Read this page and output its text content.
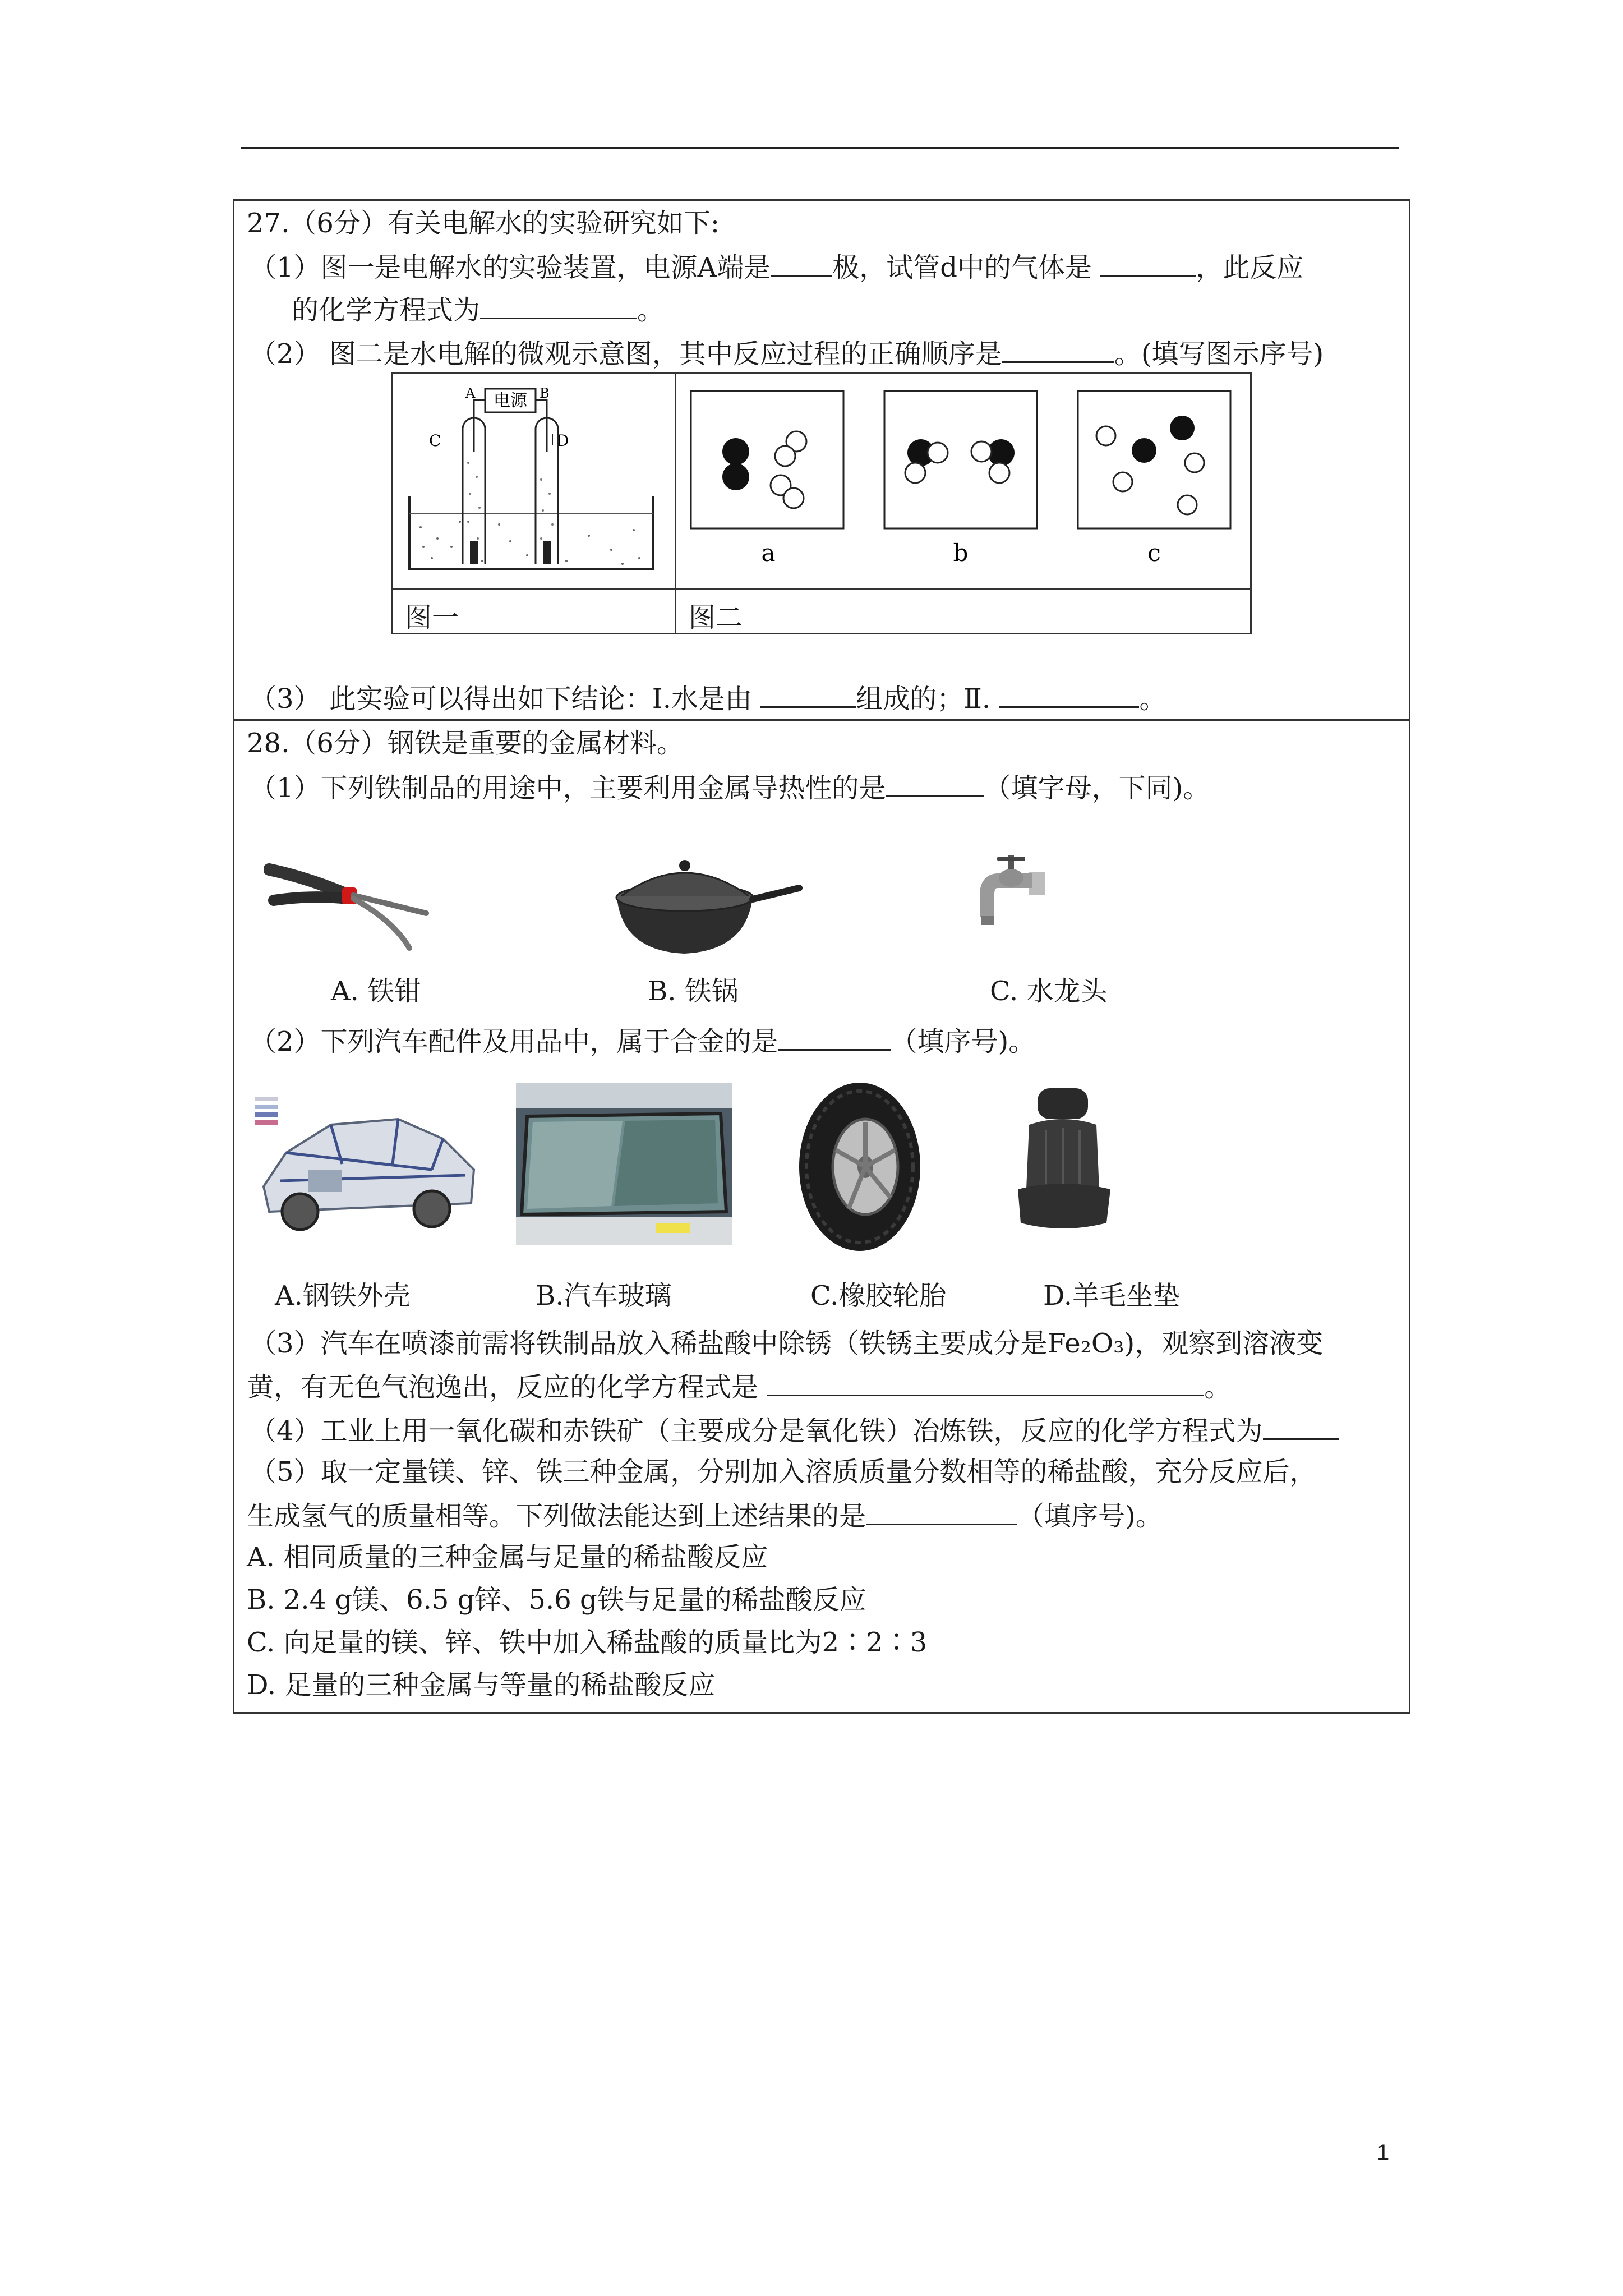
27.（6分）有关电解水的实验研究如下:
（1）图一是电解水的实验装置，电源A端是 极，试管d中的气体是	，此反应
的化学方程式为	。
（2） 图二是水电解的微观示意图，其中反应过程的正确顺序是	。(填写图示序号)
电源
A	B
C	D
a	b	c
图一	图二
（3） 此实验可以得出如下结论：Ⅰ.水是由	组成的；Ⅱ.	。
28.（6分）钢铁是重要的金属材料。
（1）下列铁制品的用途中，主要利用金属导热性的是	（填字母，下同)。
A. 铁钳	B. 铁锅	C. 水龙头
（2）下列汽车配件及用品中，属于合金的是	（填序号)。
A.钢铁外壳	B.汽车玻璃	C.橡胶轮胎	D.羊毛坐垫
（3）汽车在喷漆前需将铁制品放入稀盐酸中除锈（铁锈主要成分是Fe₂O₃)，观察到溶液变
黄，有无色气泡逸出，反应的化学方程式是	。
（4）工业上用一氧化碳和赤铁矿（主要成分是氧化铁）冶炼铁，反应的化学方程式为
（5）取一定量镁、锌、铁三种金属，分别加入溶质质量分数相等的稀盐酸，充分反应后，
生成氢气的质量相等。下列做法能达到上述结果的是	（填序号)。
A. 相同质量的三种金属与足量的稀盐酸反应
B. 2.4 g镁、6.5 g锌、5.6 g铁与足量的稀盐酸反应
C. 向足量的镁、锌、铁中加入稀盐酸的质量比为2∶2∶3
D. 足量的三种金属与等量的稀盐酸反应
1
